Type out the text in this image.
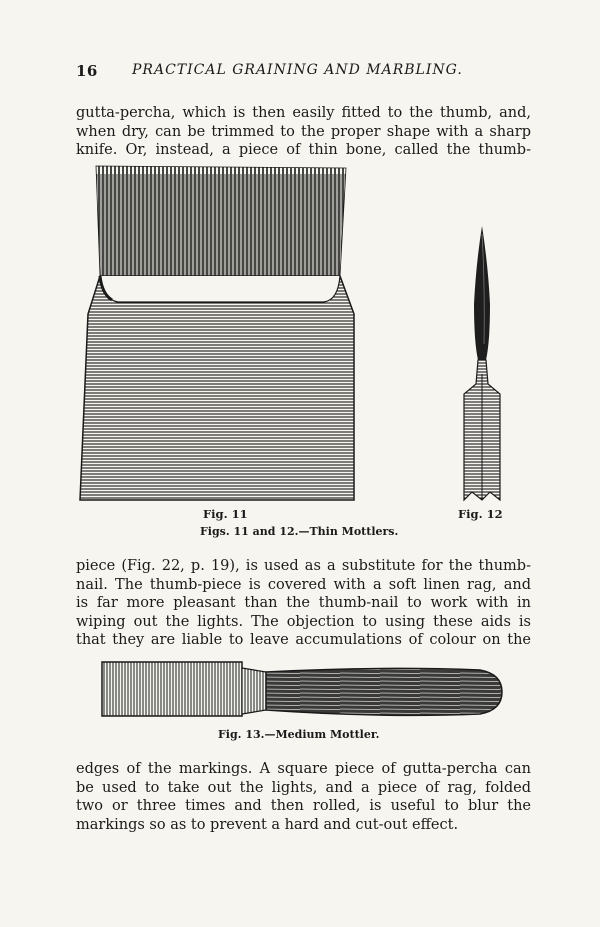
16 PRACTICAL GRAINING AND MARBLING.
gutta-percha, which is then easily fitted to the thumb, and,
when dry, can be trimmed to the proper shape with a sharp
knife. Or, instead, a piece of thin bone, called the thumb-
Fig. 11	Fig. 12
Figs. 11 and 12.—Thin Mottlers.
piece (Fig. 22, p. 19), is used as a substitute for the thumb-
nail. The thumb-piece is covered with a soft linen rag, and
is far more pleasant than the thumb-nail to work with in
wiping out the lights. The objection to using these aids is
that they are liable to leave accumulations of colour on the
Fig. 13.—Medium Mottler.
edges of the markings. A square piece of gutta-percha can
be used to take out the lights, and a piece of rag, folded
two or three times and then rolled, is useful to blur the
markings so as to prevent a hard and cut-out effect.
